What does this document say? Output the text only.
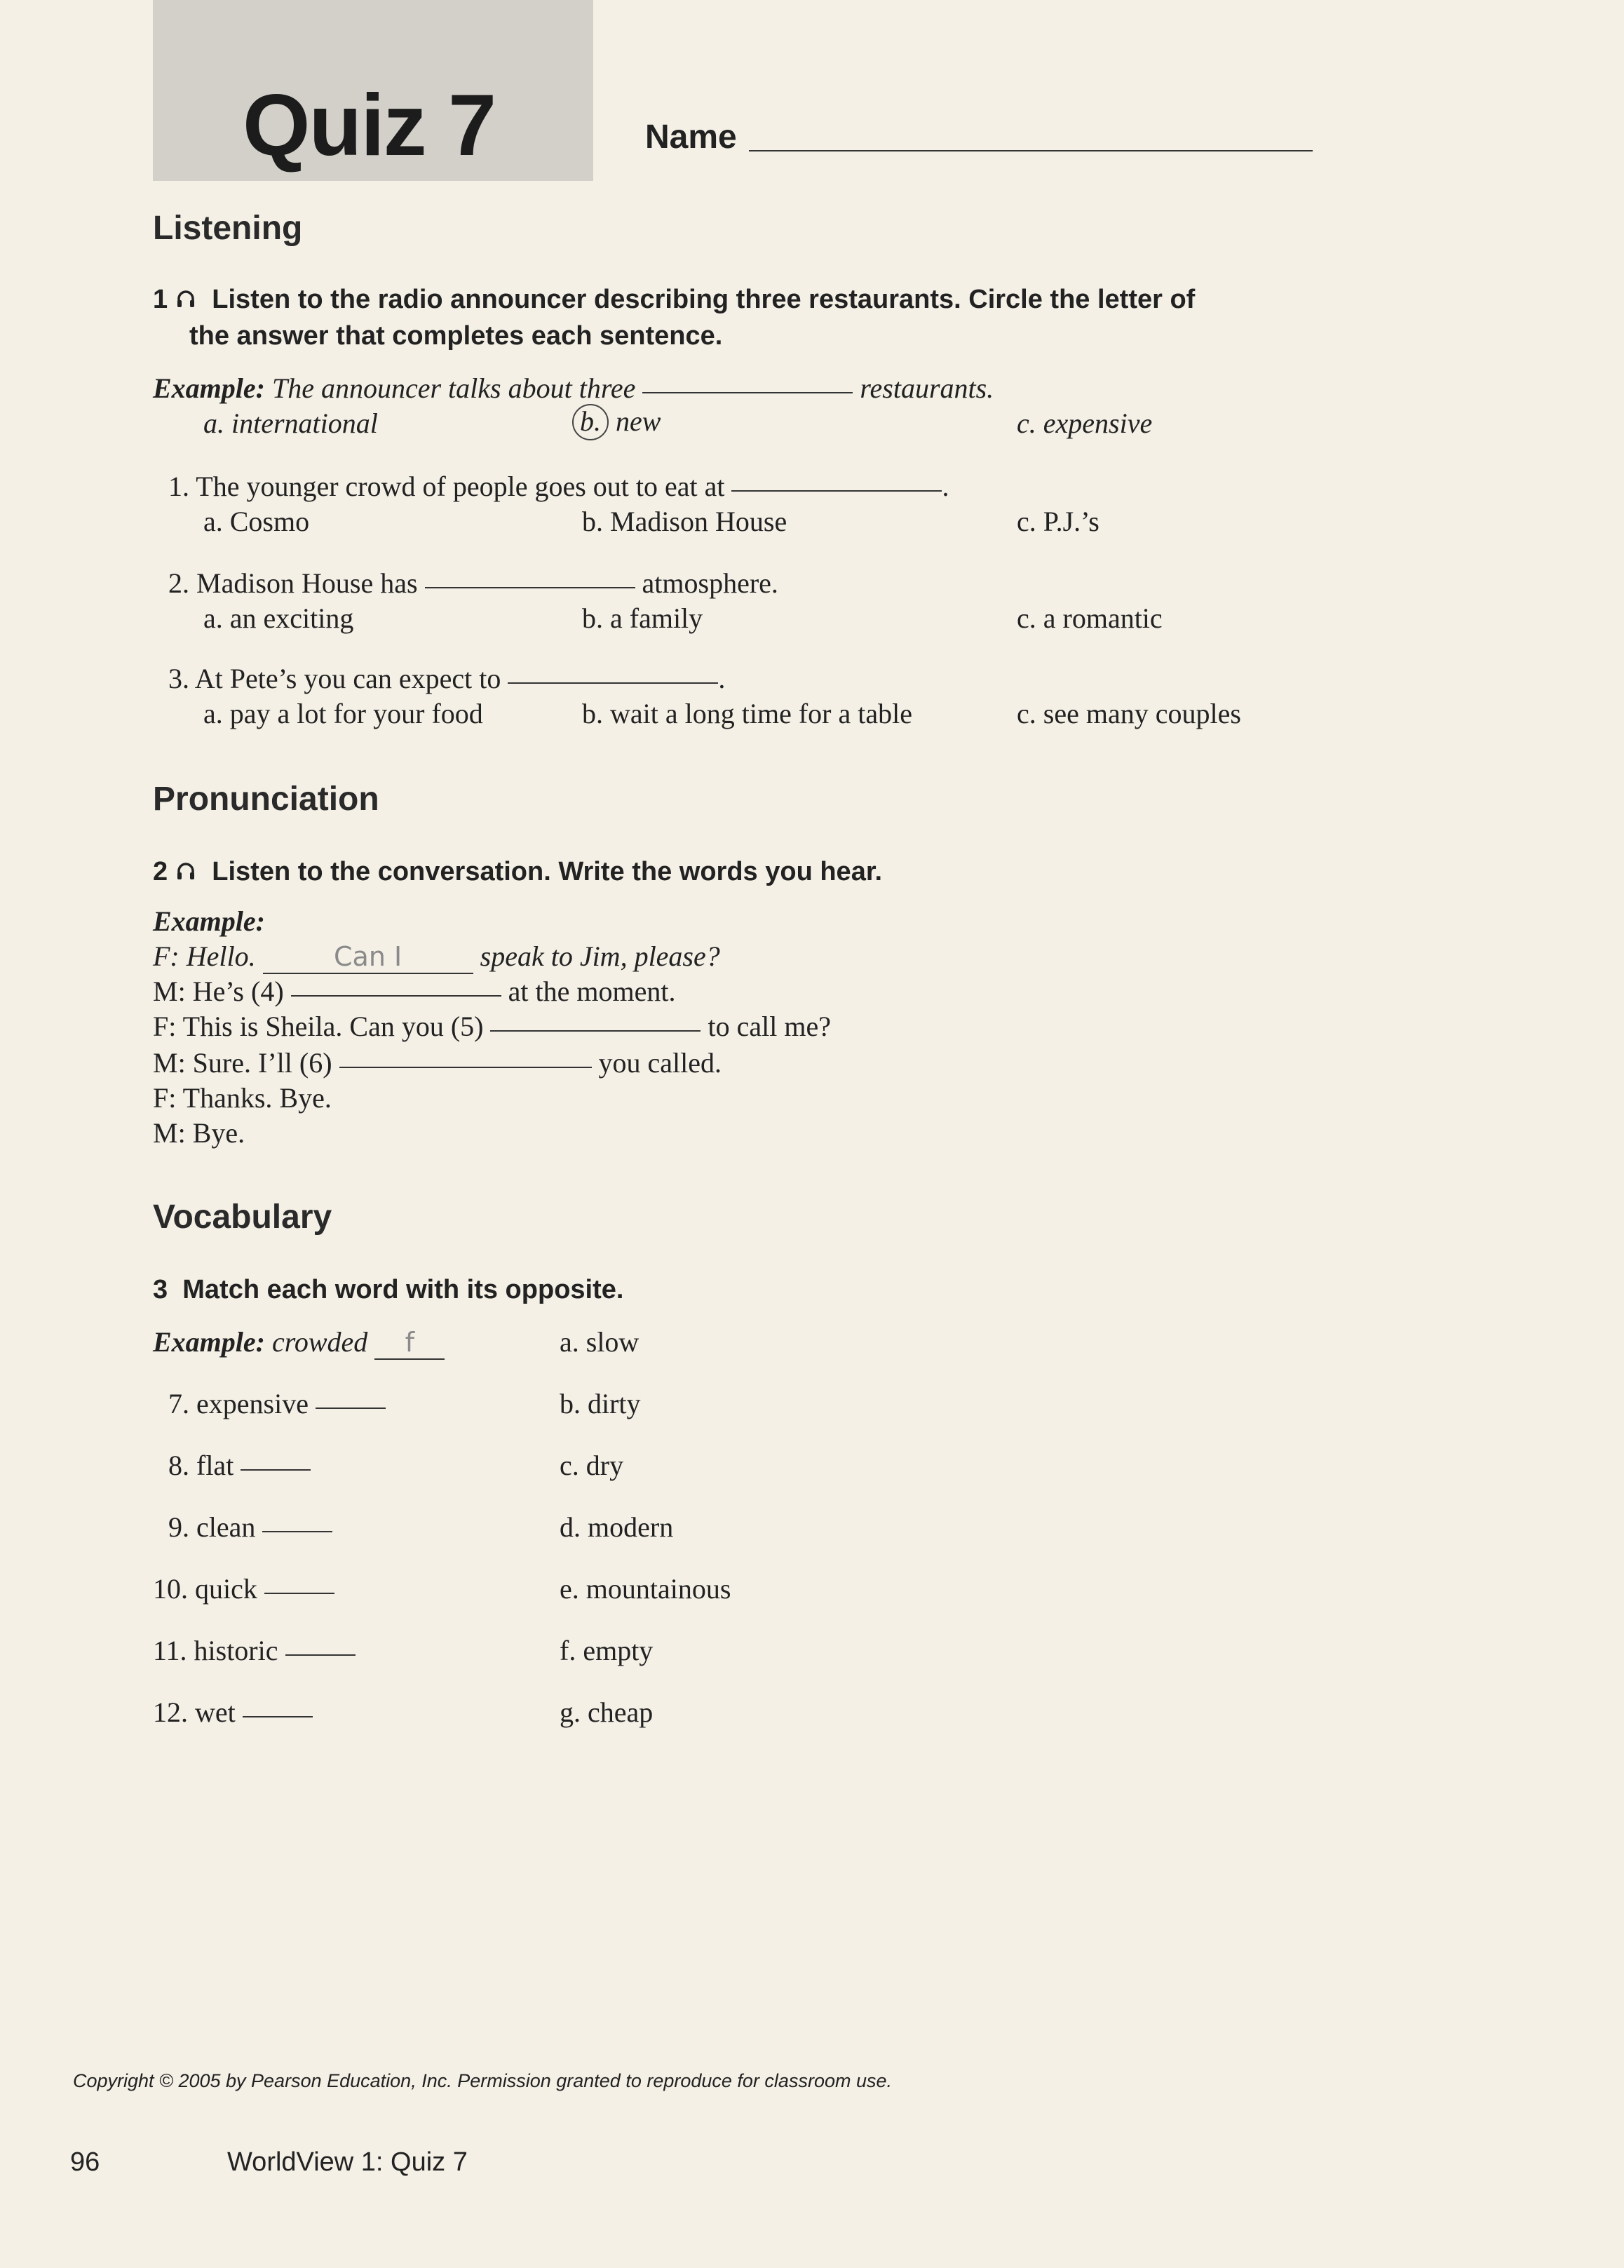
Quiz 7	Name
Listening
1 Listen to the radio announcer describing three restaurants. Circle the letter of
the answer that completes each sentence.
Example: The announcer talks about three	restaurants.
a. international	b. new	c. expensive
1. The younger crowd of people goes out to eat at	.
a. Cosmo	b. Madison House	c. P.J.’s
2. Madison House has	atmosphere.
a. an exciting	b. a family	c. a romantic
3. At Pete’s you can expect to	.
a. pay a lot for your food	b. wait a long time for a table	c. see many couples
Pronunciation
2 Listen to the conversation. Write the words you hear.
Example:
F: Hello.	Can I	speak to Jim, please?
M: He’s (4)	at the moment.
F: This is Sheila. Can you (5)	to call me?
M: Sure. I’ll (6)	you called.
F: Thanks. Bye.
M: Bye.
Vocabulary
3 Match each word with its opposite.
Example: crowded f	a. slow
7. expensive	b. dirty
8. flat	c. dry
9. clean	d. modern
10. quick	e. mountainous
11. historic	f. empty
12. wet	g. cheap
Copyright © 2005 by Pearson Education, Inc. Permission granted to reproduce for classroom use.
96	WorldView 1: Quiz 7
